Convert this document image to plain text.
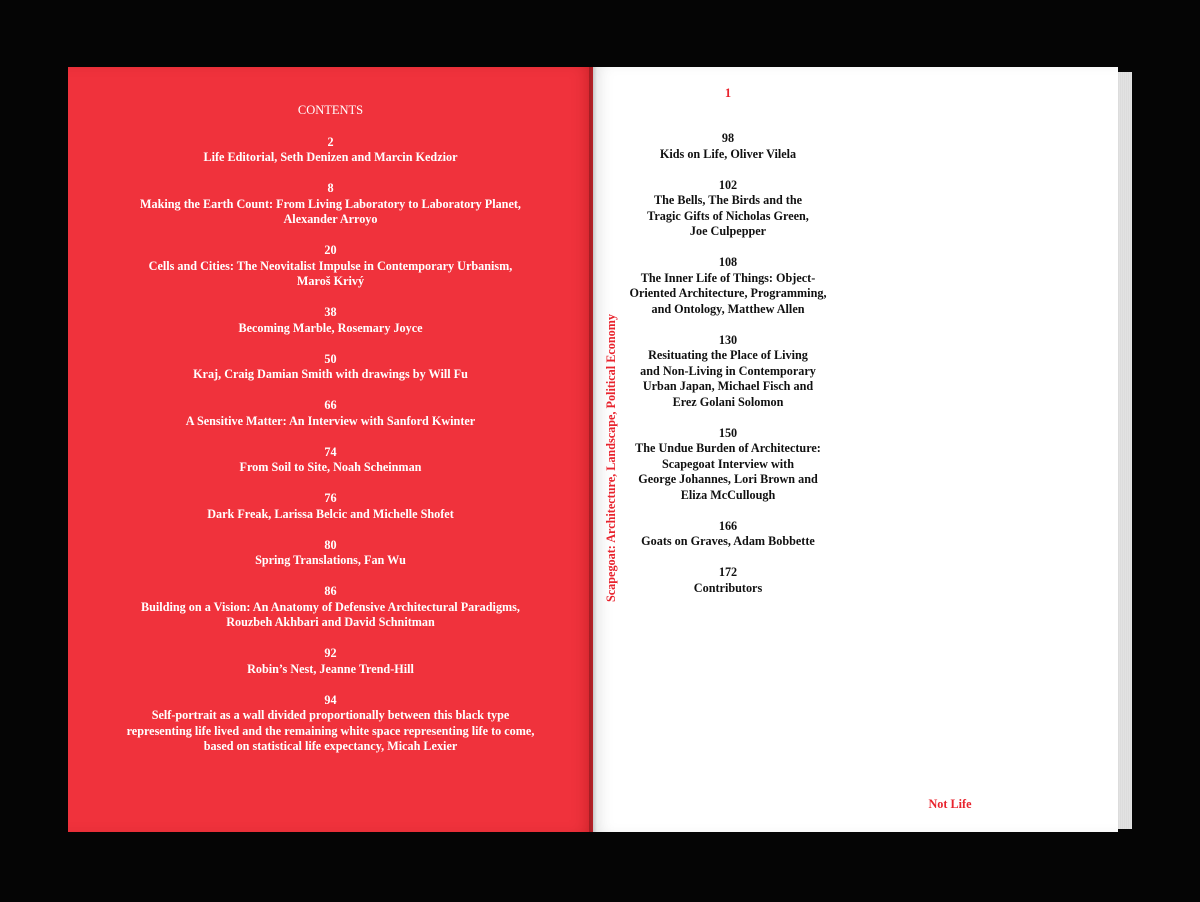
CONTENTS
2
Life Editorial, Seth Denizen and Marcin Kedzior
8
Making the Earth Count: From Living Laboratory to Laboratory Planet,
Alexander Arroyo
20
Cells and Cities: The Neovitalist Impulse in Contemporary Urbanism,
Maroš Krivý
38
Becoming Marble, Rosemary Joyce
50
Kraj, Craig Damian Smith with drawings by Will Fu
66
A Sensitive Matter: An Interview with Sanford Kwinter
74
From Soil to Site, Noah Scheinman
76
Dark Freak, Larissa Belcic and Michelle Shofet
80
Spring Translations, Fan Wu
86
Building on a Vision: An Anatomy of Defensive Architectural Paradigms,
Rouzbeh Akhbari and David Schnitman
92
Robin’s Nest, Jeanne Trend-Hill
94
Self-portrait as a wall divided proportionally between this black type
representing life lived and the remaining white space representing life to come,
based on statistical life expectancy, Micah Lexier
1
98
Kids on Life, Oliver Vilela
102
The Bells, The Birds and the
Tragic Gifts of Nicholas Green,
Joe Culpepper
108
The Inner Life of Things: Object-
Oriented Architecture, Programming,
and Ontology, Matthew Allen
130
Resituating the Place of Living
and Non-Living in Contemporary
Urban Japan, Michael Fisch and
Erez Golani Solomon
150
The Undue Burden of Architecture:
Scapegoat Interview with
George Johannes, Lori Brown and
Eliza McCullough
166
Goats on Graves, Adam Bobbette
172
Contributors
Scapegoat: Architecture, Landscape, Political Economy
Not Life
